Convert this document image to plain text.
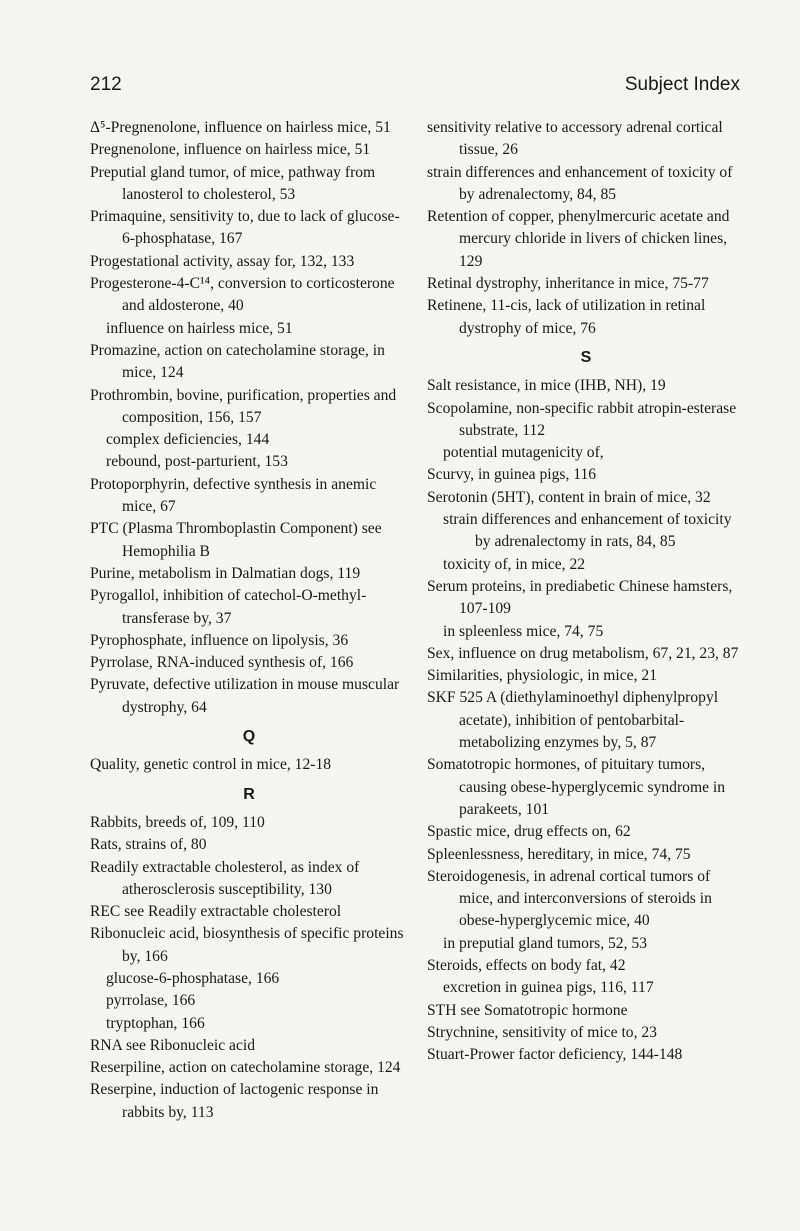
212	Subject Index
Δ⁵-Pregnenolone, influence on hairless mice, 51
Pregnenolone, influence on hairless mice, 51
Preputial gland tumor, of mice, pathway from lanosterol to cholesterol, 53
Primaquine, sensitivity to, due to lack of glucose-6-phosphatase, 167
Progestational activity, assay for, 132, 133
Progesterone-4-C¹⁴, conversion to corticosterone and aldosterone, 40
influence on hairless mice, 51
Promazine, action on catecholamine storage, in mice, 124
Prothrombin, bovine, purification, properties and composition, 156, 157
complex deficiencies, 144
rebound, post-parturient, 153
Protoporphyrin, defective synthesis in anemic mice, 67
PTC (Plasma Thromboplastin Component) see Hemophilia B
Purine, metabolism in Dalmatian dogs, 119
Pyrogallol, inhibition of catechol-O-methyl-transferase by, 37
Pyrophosphate, influence on lipolysis, 36
Pyrrolase, RNA-induced synthesis of, 166
Pyruvate, defective utilization in mouse muscular dystrophy, 64
Q
Quality, genetic control in mice, 12-18
R
Rabbits, breeds of, 109, 110
Rats, strains of, 80
Readily extractable cholesterol, as index of atherosclerosis susceptibility, 130
REC see Readily extractable cholesterol
Ribonucleic acid, biosynthesis of specific proteins by, 166
glucose-6-phosphatase, 166
pyrrolase, 166
tryptophan, 166
RNA see Ribonucleic acid
Reserpiline, action on catecholamine storage, 124
Reserpine, induction of lactogenic response in rabbits by, 113
sensitivity relative to accessory adrenal cortical tissue, 26
strain differences and enhancement of toxicity of by adrenalectomy, 84, 85
Retention of copper, phenylmercuric acetate and mercury chloride in livers of chicken lines, 129
Retinal dystrophy, inheritance in mice, 75-77
Retinene, 11-cis, lack of utilization in retinal dystrophy of mice, 76
S
Salt resistance, in mice (IHB, NH), 19
Scopolamine, non-specific rabbit atropin-esterase substrate, 112
potential mutagenicity of,
Scurvy, in guinea pigs, 116
Serotonin (5HT), content in brain of mice, 32
strain differences and enhancement of toxicity by adrenalectomy in rats, 84, 85
toxicity of, in mice, 22
Serum proteins, in prediabetic Chinese hamsters, 107-109
in spleenless mice, 74, 75
Sex, influence on drug metabolism, 67, 21, 23, 87
Similarities, physiologic, in mice, 21
SKF 525 A (diethylaminoethyl diphenylpropyl acetate), inhibition of pentobarbital-metabolizing enzymes by, 5, 87
Somatotropic hormones, of pituitary tumors, causing obese-hyperglycemic syndrome in parakeets, 101
Spastic mice, drug effects on, 62
Spleenlessness, hereditary, in mice, 74, 75
Steroidogenesis, in adrenal cortical tumors of mice, and interconversions of steroids in obese-hyperglycemic mice, 40
in preputial gland tumors, 52, 53
Steroids, effects on body fat, 42
excretion in guinea pigs, 116, 117
STH see Somatotropic hormone
Strychnine, sensitivity of mice to, 23
Stuart-Prower factor deficiency, 144-148
